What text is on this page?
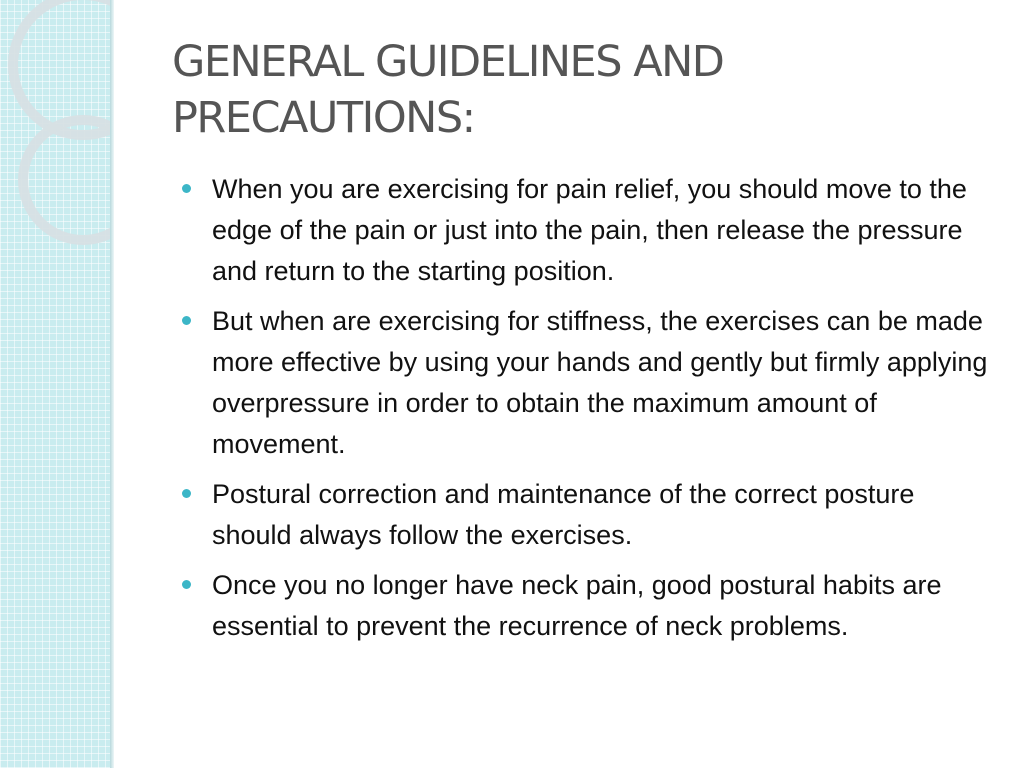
GENERAL GUIDELINES AND
PRECAUTIONS:
When you are exercising for pain relief, you should move to the edge of the pain or just into the pain, then release the pressure and return to the starting position.
But when are exercising for stiffness, the exercises can be made more effective by using your hands and gently but firmly applying overpressure in order to obtain the maximum amount of movement.
Postural correction and maintenance of the correct posture should always follow the exercises.
Once you no longer have neck pain, good postural habits are essential to prevent the recurrence of neck problems.
